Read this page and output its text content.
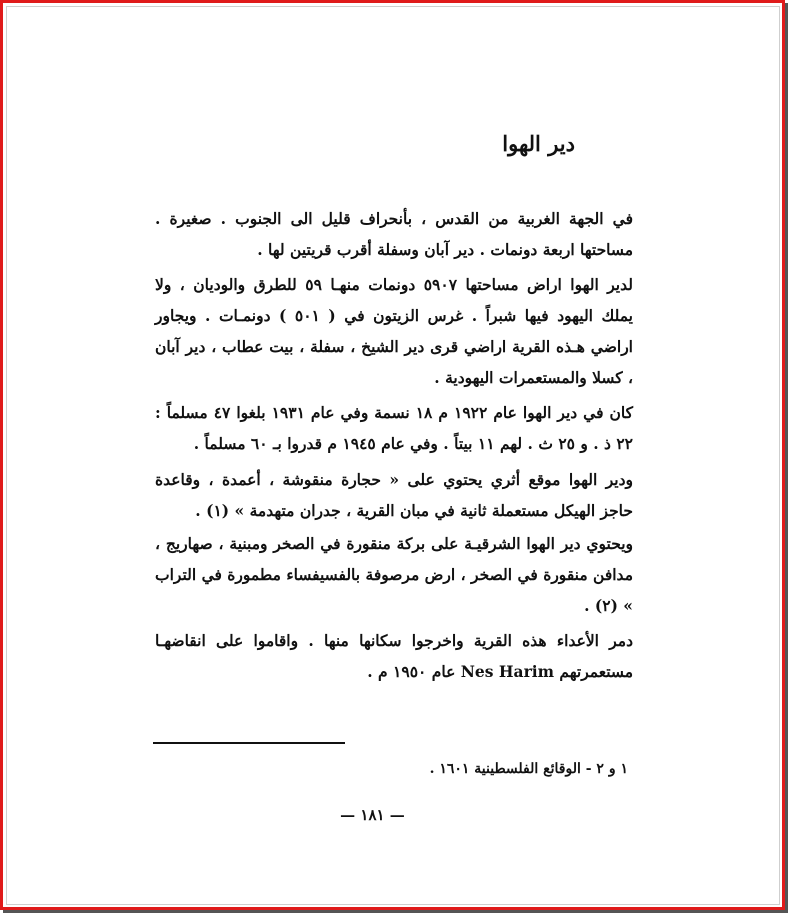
دير الهوا

في الجهة الغربية من القدس ، بأنحراف قليل الى الجنوب . صغيرة . مساحتها اربعة دونمات . دير آبان وسفلة أقرب قريتين لها .

لدير الهوا اراض مساحتها ٥٩٠٧ دونمات منهـا ٥٩ للطرق والوديان ، ولا يملك اليهود فيها شبراً . غرس الزيتون في ( ٥٠١ ) دونمـات . ويجاور اراضي هـذه القرية اراضي قرى دير الشيخ ، سفلة ، بيت عطاب ، دير آبان ، كسلا والمستعمرات اليهودية .

كان في دير الهوا عام ١٩٢٢ م ١٨ نسمة وفي عام ١٩٣١ بلغوا ٤٧ مسلماً : ٢٢ ذ . و ٢٥ ث . لهم ١١ بيتاً . وفي عام ١٩٤٥ م قدروا بـ ٦٠ مسلماً .

ودير الهوا موقع أثري يحتوي على « حجارة منقوشة ، أعمدة ، وقاعدة حاجز الهيكل مستعملة ثانية في مبان القرية ، جدران متهدمة » (١) .

ويحتوي دير الهوا الشرقيـة على بركة منقورة في الصخر ومبنية ، صهاريج ، مدافن منقورة في الصخر ، ارض مرصوفة بالفسيفساء مطمورة في التراب » (٢) .

دمر الأعداء هذه القرية واخرجوا سكانها منها . واقاموا على انقاضهـا مستعمرتهم Nes Harim عام ١٩٥٠ م .

١ و ٢ - الوقائع الفلسطينية ١٦٠١ .
— ١٨١ —
